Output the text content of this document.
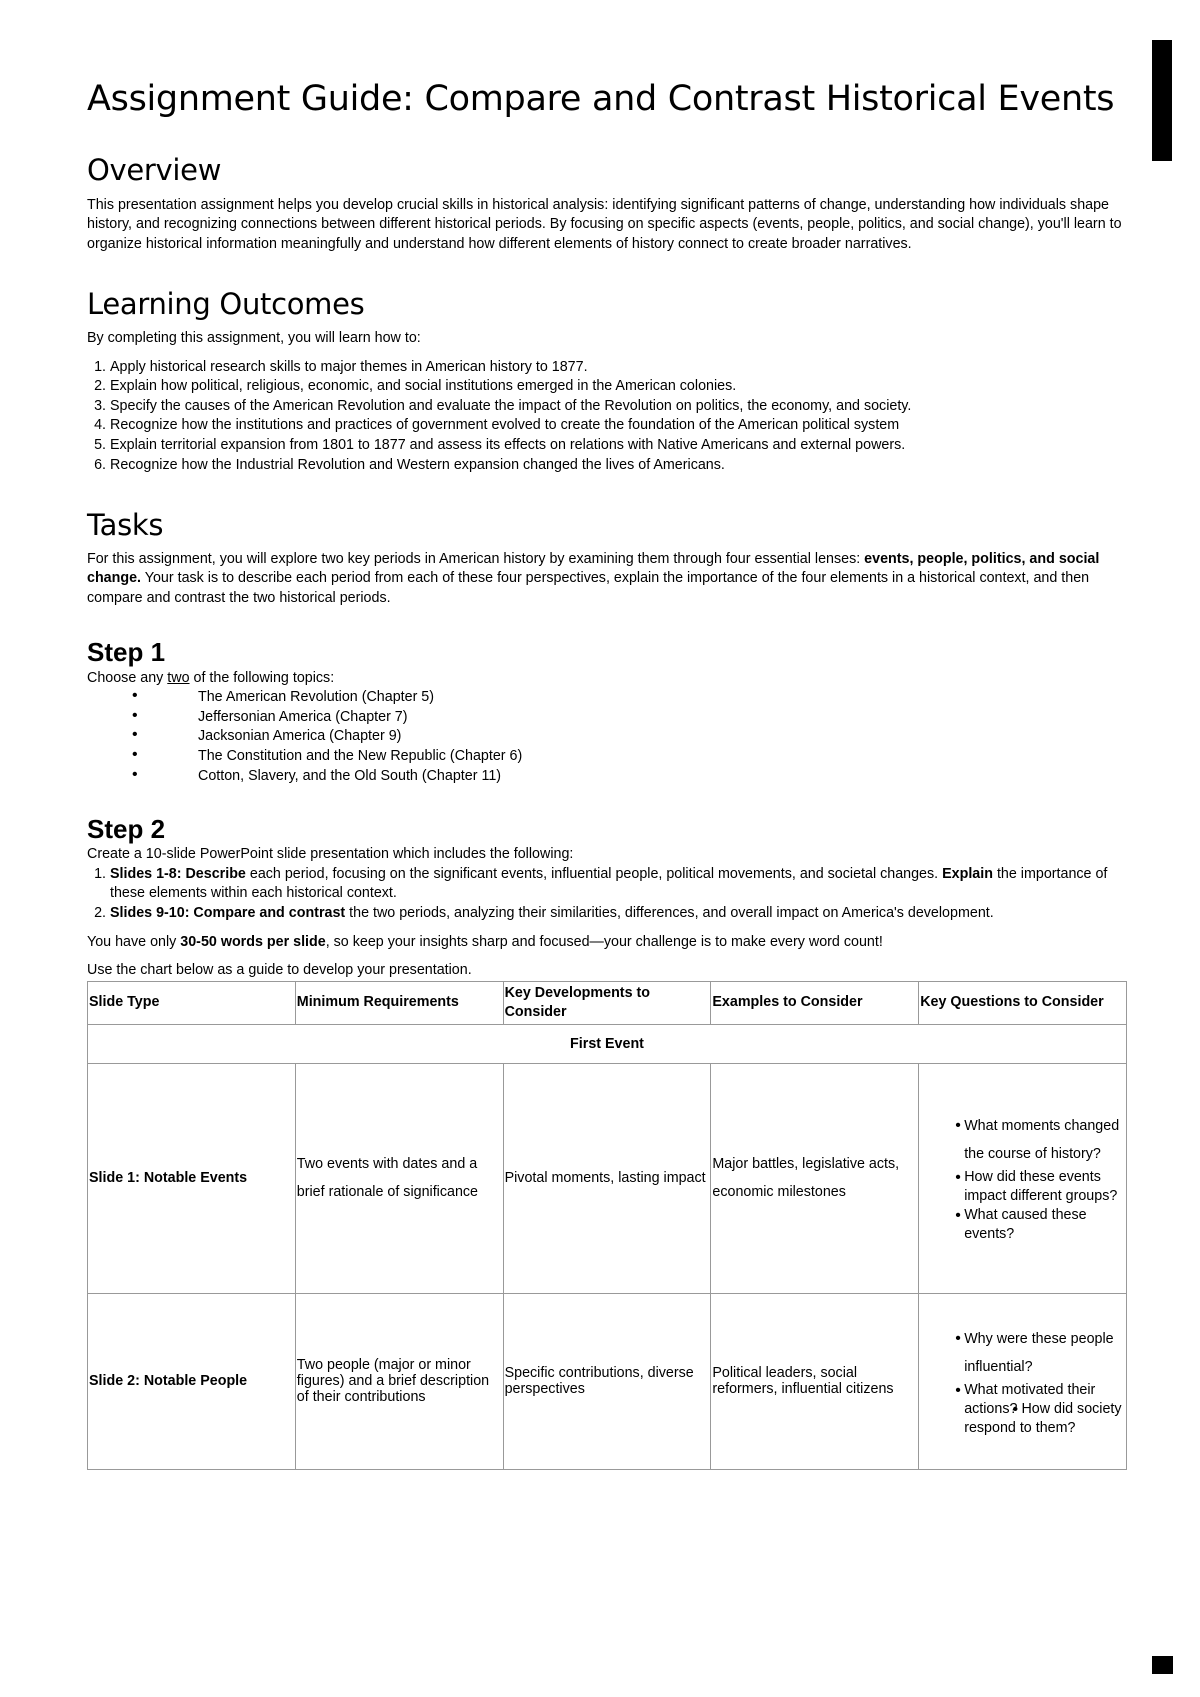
Assignment Guide: Compare and Contrast Historical Events
Overview

This presentation assignment helps you develop crucial skills in historical analysis: identifying significant patterns of change, understanding how individuals shape history, and recognizing connections between different historical periods. By focusing on specific aspects (events, people, politics, and social change), you'll learn to organize historical information meaningfully and understand how different elements of history connect to create broader narratives.

Learning Outcomes

By completing this assignment, you will learn how to:

1. Apply historical research skills to major themes in American history to 1877.
2. Explain how political, religious, economic, and social institutions emerged in the American colonies.
3. Specify the causes of the American Revolution and evaluate the impact of the Revolution on politics, the economy, and society.
4. Recognize how the institutions and practices of government evolved to create the foundation of the American political system
5. Explain territorial expansion from 1801 to 1877 and assess its effects on relations with Native Americans and external powers.
6. Recognize how the Industrial Revolution and Western expansion changed the lives of Americans.
Tasks

For this assignment, you will explore two key periods in American history by examining them through four essential lenses: events, people, politics, and social change. Your task is to describe each period from each of these four perspectives, explain the importance of the four elements in a historical context, and then compare and contrast the two historical periods.

Step 1

Choose any two of the following topics:

• The American Revolution (Chapter 5)
• Jeffersonian America (Chapter 7)
• Jacksonian America (Chapter 9)
• The Constitution and the New Republic (Chapter 6)
• Cotton, Slavery, and the Old South (Chapter 11)
Step 2

Create a 10-slide PowerPoint slide presentation which includes the following:

1. Slides 1-8: Describe each period, focusing on the significant events, influential people, political movements, and societal changes. Explain the importance of these elements within each historical context.
2. Slides 9-10: Compare and contrast the two periods, analyzing their similarities, differences, and overall impact on America's development.

You have only 30-50 words per slide, so keep your insights sharp and focused—your challenge is to make every word count!

Use the chart below as a guide to develop your presentation.

Slide Type	Minimum Requirements	Key Developments to Consider	Examples to Consider	Key Questions to Consider
First Event				
Slide 1: Notable Events	Two events with dates and a brief rationale of significance	Pivotal moments, lasting impact	Major battles, legislative acts, economic milestones	• What moments changed the course of history?
• How did these events impact different groups? • What caused these events?

Slide 2: Notable People	Two people (major or minor figures) and a brief description of their contributions	Specific contributions, diverse perspectives	Political leaders, social reformers, influential citizens	• Why were these people influential?
• What motivated their actions? • How did society respond to them?
